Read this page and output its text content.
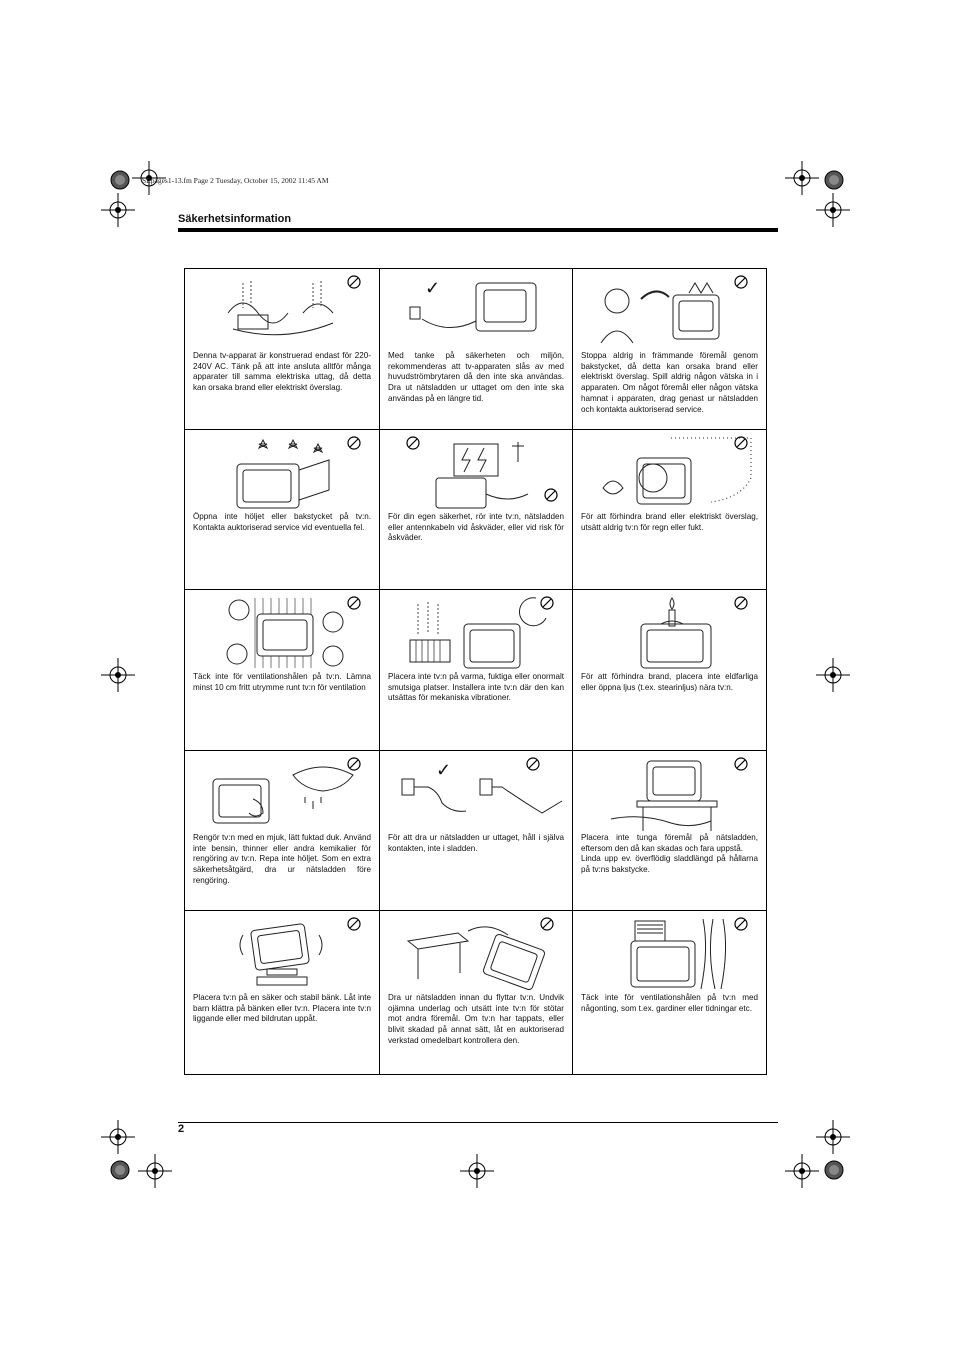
SEpages1-13.fm Page 2 Tuesday, October 15, 2002 11:45 AM
Säkerhetsinformation

Denna tv-apparat är konstruerad endast för 220-240V AC. Tänk på att inte ansluta alltför många apparater till samma elektriska uttag, då detta kan orsaka brand eller elektriskt överslag.

✓

Med tanke på säkerheten och miljön, rekommenderas att tv-apparaten slås av med huvudströmbrytaren då den inte ska användas. Dra ut nätsladden ur uttaget om den inte ska användas på en längre tid.

Stoppa aldrig in främmande föremål genom bakstycket, då detta kan orsaka brand eller elektriskt överslag. Spill aldrig någon vätska in i apparaten. Om något föremål eller någon vätska hamnat i apparaten, drag genast ur nätsladden och kontakta auktoriserad service.

Öppna inte höljet eller bakstycket på tv:n. Kontakta auktoriserad service vid eventuella fel.

För din egen säkerhet, rör inte tv:n, nätsladden eller antennkabeln vid åskväder, eller vid risk för åskväder.

För att förhindra brand eller elektriskt överslag, utsätt aldrig tv:n för regn eller fukt.

Täck inte för ventilationshålen på tv:n. Lämna minst 10 cm fritt utrymme runt tv:n för ventilation

Placera inte tv:n på varma, fuktiga eller onormalt smutsiga platser. Installera inte tv:n där den kan utsättas för mekaniska vibrationer.

För att förhindra brand, placera inte eldfarliga eller öppna ljus (t.ex. stearinljus) nära tv:n.

Rengör tv:n med en mjuk, lätt fuktad duk. Använd inte bensin, thinner eller andra kemikalier för rengöring av tv:n. Repa inte höljet. Som en extra säkerhetsåtgärd, dra ur nätsladden före rengöring.

✓

För att dra ur nätsladden ur uttaget, håll i själva kontakten, inte i sladden.

Placera inte tunga föremål på nätsladden, eftersom den då kan skadas och fara uppstå.
Linda upp ev. överflödig sladdlängd på hållarna på tv:ns bakstycke.

Placera tv:n på en säker och stabil bänk. Låt inte barn klättra på bänken eller tv:n. Placera inte tv:n liggande eller med bildrutan uppåt.

Dra ur nätsladden innan du flyttar tv:n. Undvik ojämna underlag och utsätt inte tv:n för stötar mot andra föremål. Om tv:n har tappats, eller blivit skadad på annat sätt, låt en auktoriserad verkstad omedelbart kontrollera den.

Täck inte för ventilationshålen på tv:n med någonting, som t.ex. gardiner eller tidningar etc.

2
